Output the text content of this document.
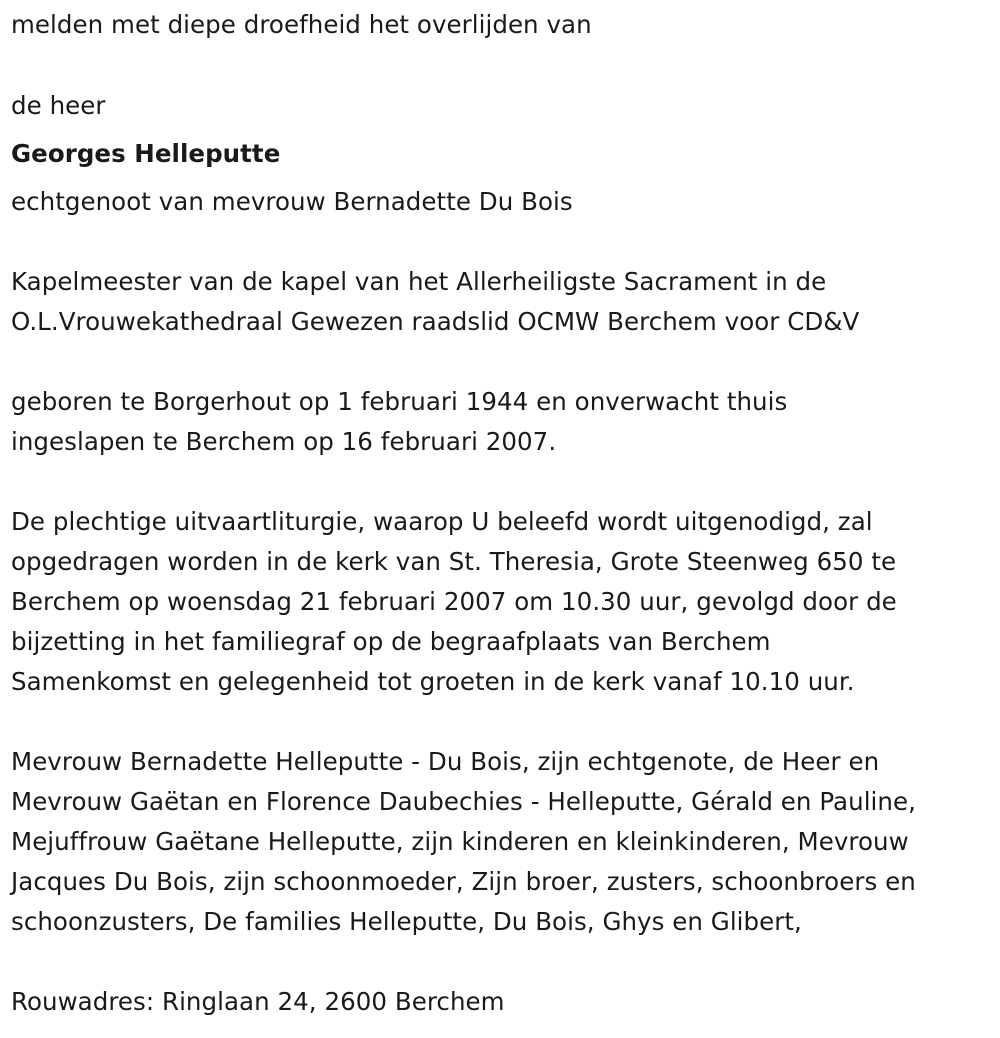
melden met diepe droefheid het overlijden van
de heer
Georges Helleputte
echtgenoot van mevrouw Bernadette Du Bois
Kapelmeester van de kapel van het Allerheiligste Sacrament in de
O.L.Vrouwekathedraal Gewezen raadslid OCMW Berchem voor CD&V
geboren te Borgerhout op 1 februari 1944 en onverwacht thuis
ingeslapen te Berchem op 16 februari 2007.
De plechtige uitvaartliturgie, waarop U beleefd wordt uitgenodigd, zal
opgedragen worden in de kerk van St. Theresia, Grote Steenweg 650 te
Berchem op woensdag 21 februari 2007 om 10.30 uur, gevolgd door de
bijzetting in het familiegraf op de begraafplaats van Berchem
Samenkomst en gelegenheid tot groeten in de kerk vanaf 10.10 uur.
Mevrouw Bernadette Helleputte - Du Bois, zijn echtgenote, de Heer en
Mevrouw Gaëtan en Florence Daubechies - Helleputte, Gérald en Pauline,
Mejuffrouw Gaëtane Helleputte, zijn kinderen en kleinkinderen, Mevrouw
Jacques Du Bois, zijn schoonmoeder, Zijn broer, zusters, schoonbroers en
schoonzusters, De families Helleputte, Du Bois, Ghys en Glibert,
Rouwadres: Ringlaan 24, 2600 Berchem
